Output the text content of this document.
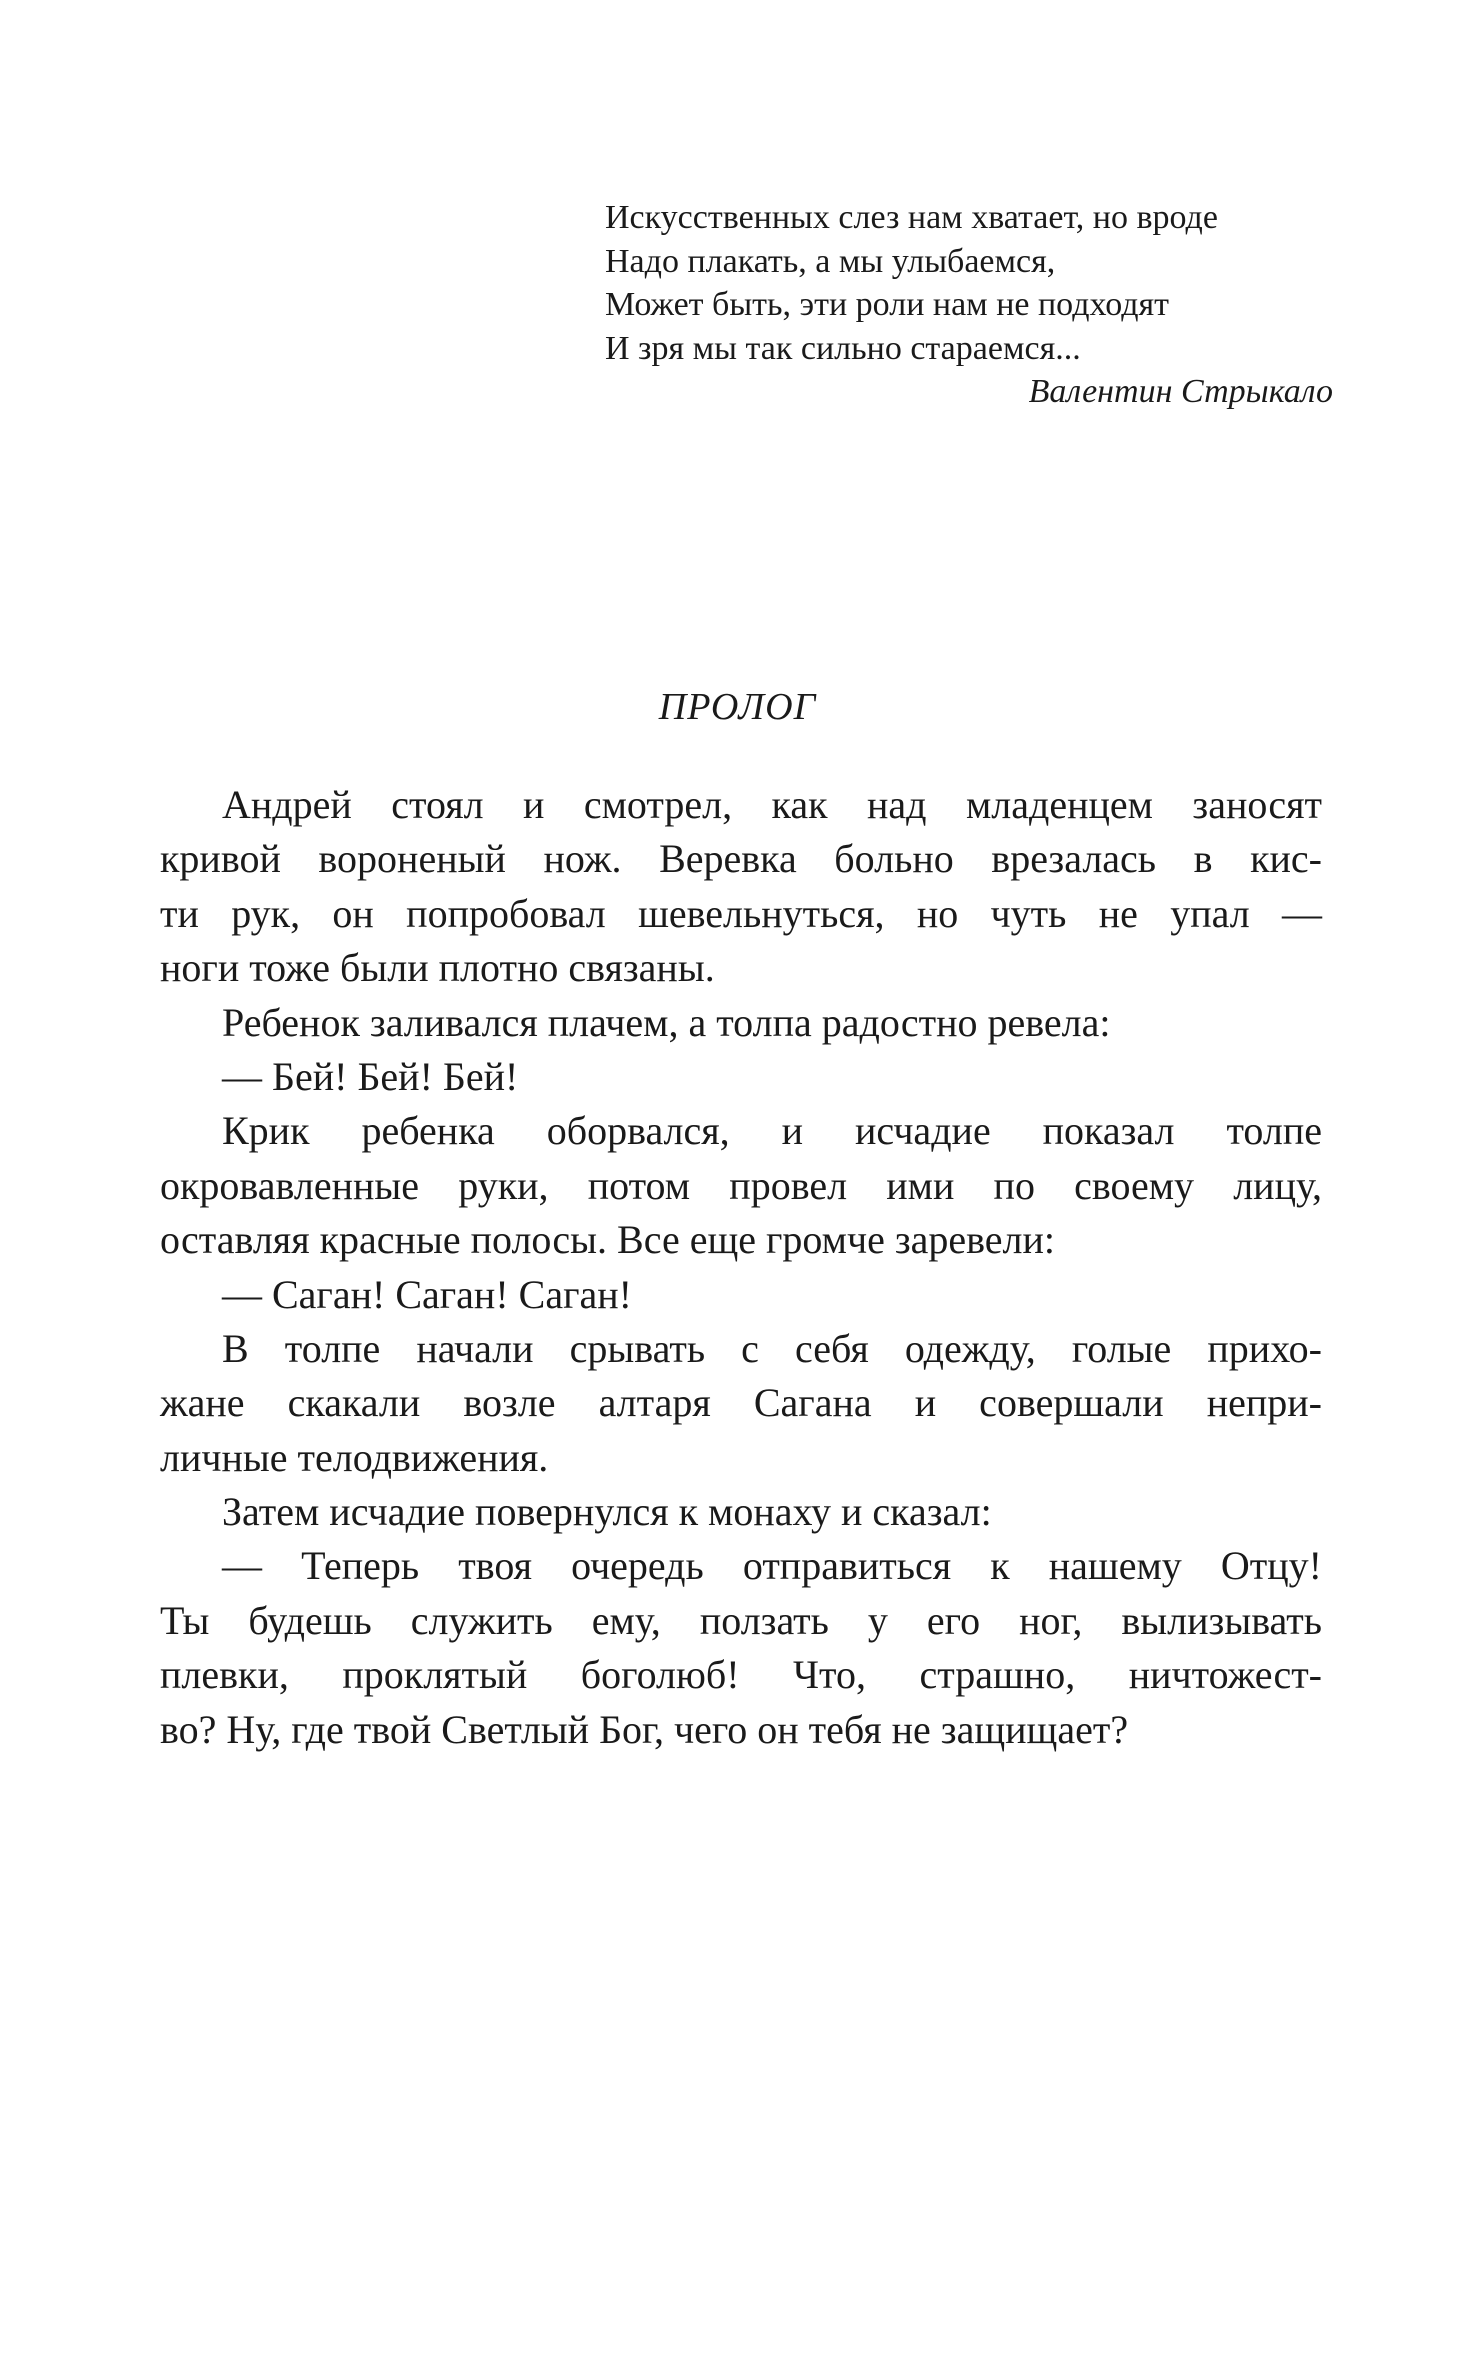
Искусственных слез нам хватает, но вроде
Надо плакать, а мы улыбаемся,
Может быть, эти роли нам не подходят
И зря мы так сильно стараемся...
Валентин Стрыкало
ПРОЛОГ
Андрей стоял и смотрел, как над младенцем заносят
кривой вороненый нож. Веревка больно врезалась в кис-
ти рук, он попробовал шевельнуться, но чуть не упал —
ноги тоже были плотно связаны.
Ребенок заливался плачем, а толпа радостно ревела:
— Бей! Бей! Бей!
Крик ребенка оборвался, и исчадие показал толпе
окровавленные руки, потом провел ими по своему лицу,
оставляя красные полосы. Все еще громче заревели:
— Саган! Саган! Саган!
В толпе начали срывать с себя одежду, голые прихо-
жане скакали возле алтаря Сагана и совершали непри-
личные телодвижения.
Затем исчадие повернулся к монаху и сказал:
— Теперь твоя очередь отправиться к нашему Отцу!
Ты будешь служить ему, ползать у его ног, вылизывать
плевки, проклятый боголюб! Что, страшно, ничтожест-
во? Ну, где твой Светлый Бог, чего он тебя не защищает?
